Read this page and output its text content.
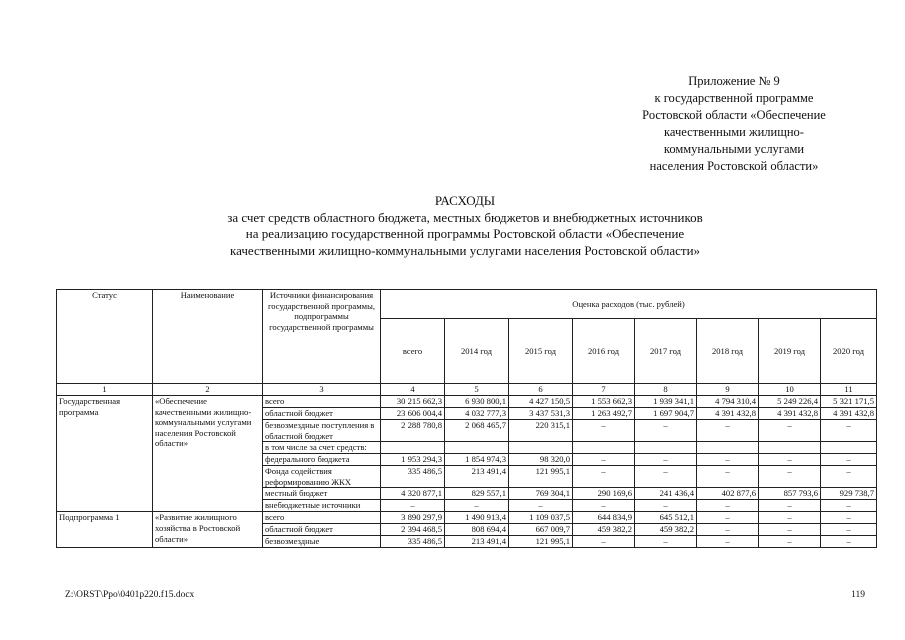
Приложение № 9
к государственной программе
Ростовской области «Обеспечение
качественными жилищно-
коммунальными услугами
населения Ростовской области»
РАСХОДЫ
за счет средств областного бюджета, местных бюджетов и внебюджетных источников
на реализацию государственной программы Ростовской области «Обеспечение
качественными жилищно-коммунальными услугами населения Ростовской области»
Статус	Наименование	Источники финансирования государственной программы, подпрограммы государственной программы	Оценка расходов (тыс. рублей)							
			всего	2014 год	2015 год	2016 год	2017 год	2018 год	2019 год	2020 год
1	2	3	4	5	6	7	8	9	10	11
Государственная программа	«Обеспечение качественными жилищно-коммунальными услугами населения Ростовской области»	всего	30 215 662,3	6 930 800,1	4 427 150,5	1 553 662,3	1 939 341,1	4 794 310,4	5 249 226,4	5 321 171,5
		областной бюджет	23 606 004,4	4 032 777,3	3 437 531,3	1 263 492,7	1 697 904,7	4 391 432,8	4 391 432,8	4 391 432,8
		безвозмездные поступления в областной бюджет	2 288 780,8	2 068 465,7	220 315,1	–	–	–	–	–
		в том числе за счет средств:								
		федерального бюджета	1 953 294,3	1 854 974,3	98 320,0	–	–	–	–	–
		Фонда содействия реформированию ЖКХ	335 486,5	213 491,4	121 995,1	–	–	–	–	–
		местный бюджет	4 320 877,1	829 557,1	769 304,1	290 169,6	241 436,4	402 877,6	857 793,6	929 738,7
		внебюджетные источники	–	–	–	–	–	–	–	–
Подпрограмма 1	«Развитие жилищного хозяйства в Ростовской области»	всего	3 890 297,9	1 490 913,4	1 109 037,5	644 834,9	645 512,1	–	–	–
		областной бюджет	2 394 468,5	808 694,4	667 009,7	459 382,2	459 382,2	–	–	–
		безвозмездные	335 486,5	213 491,4	121 995,1	–	–	–	–	–
Z:\ORST\Ppo\0401p220.f15.docx	119
